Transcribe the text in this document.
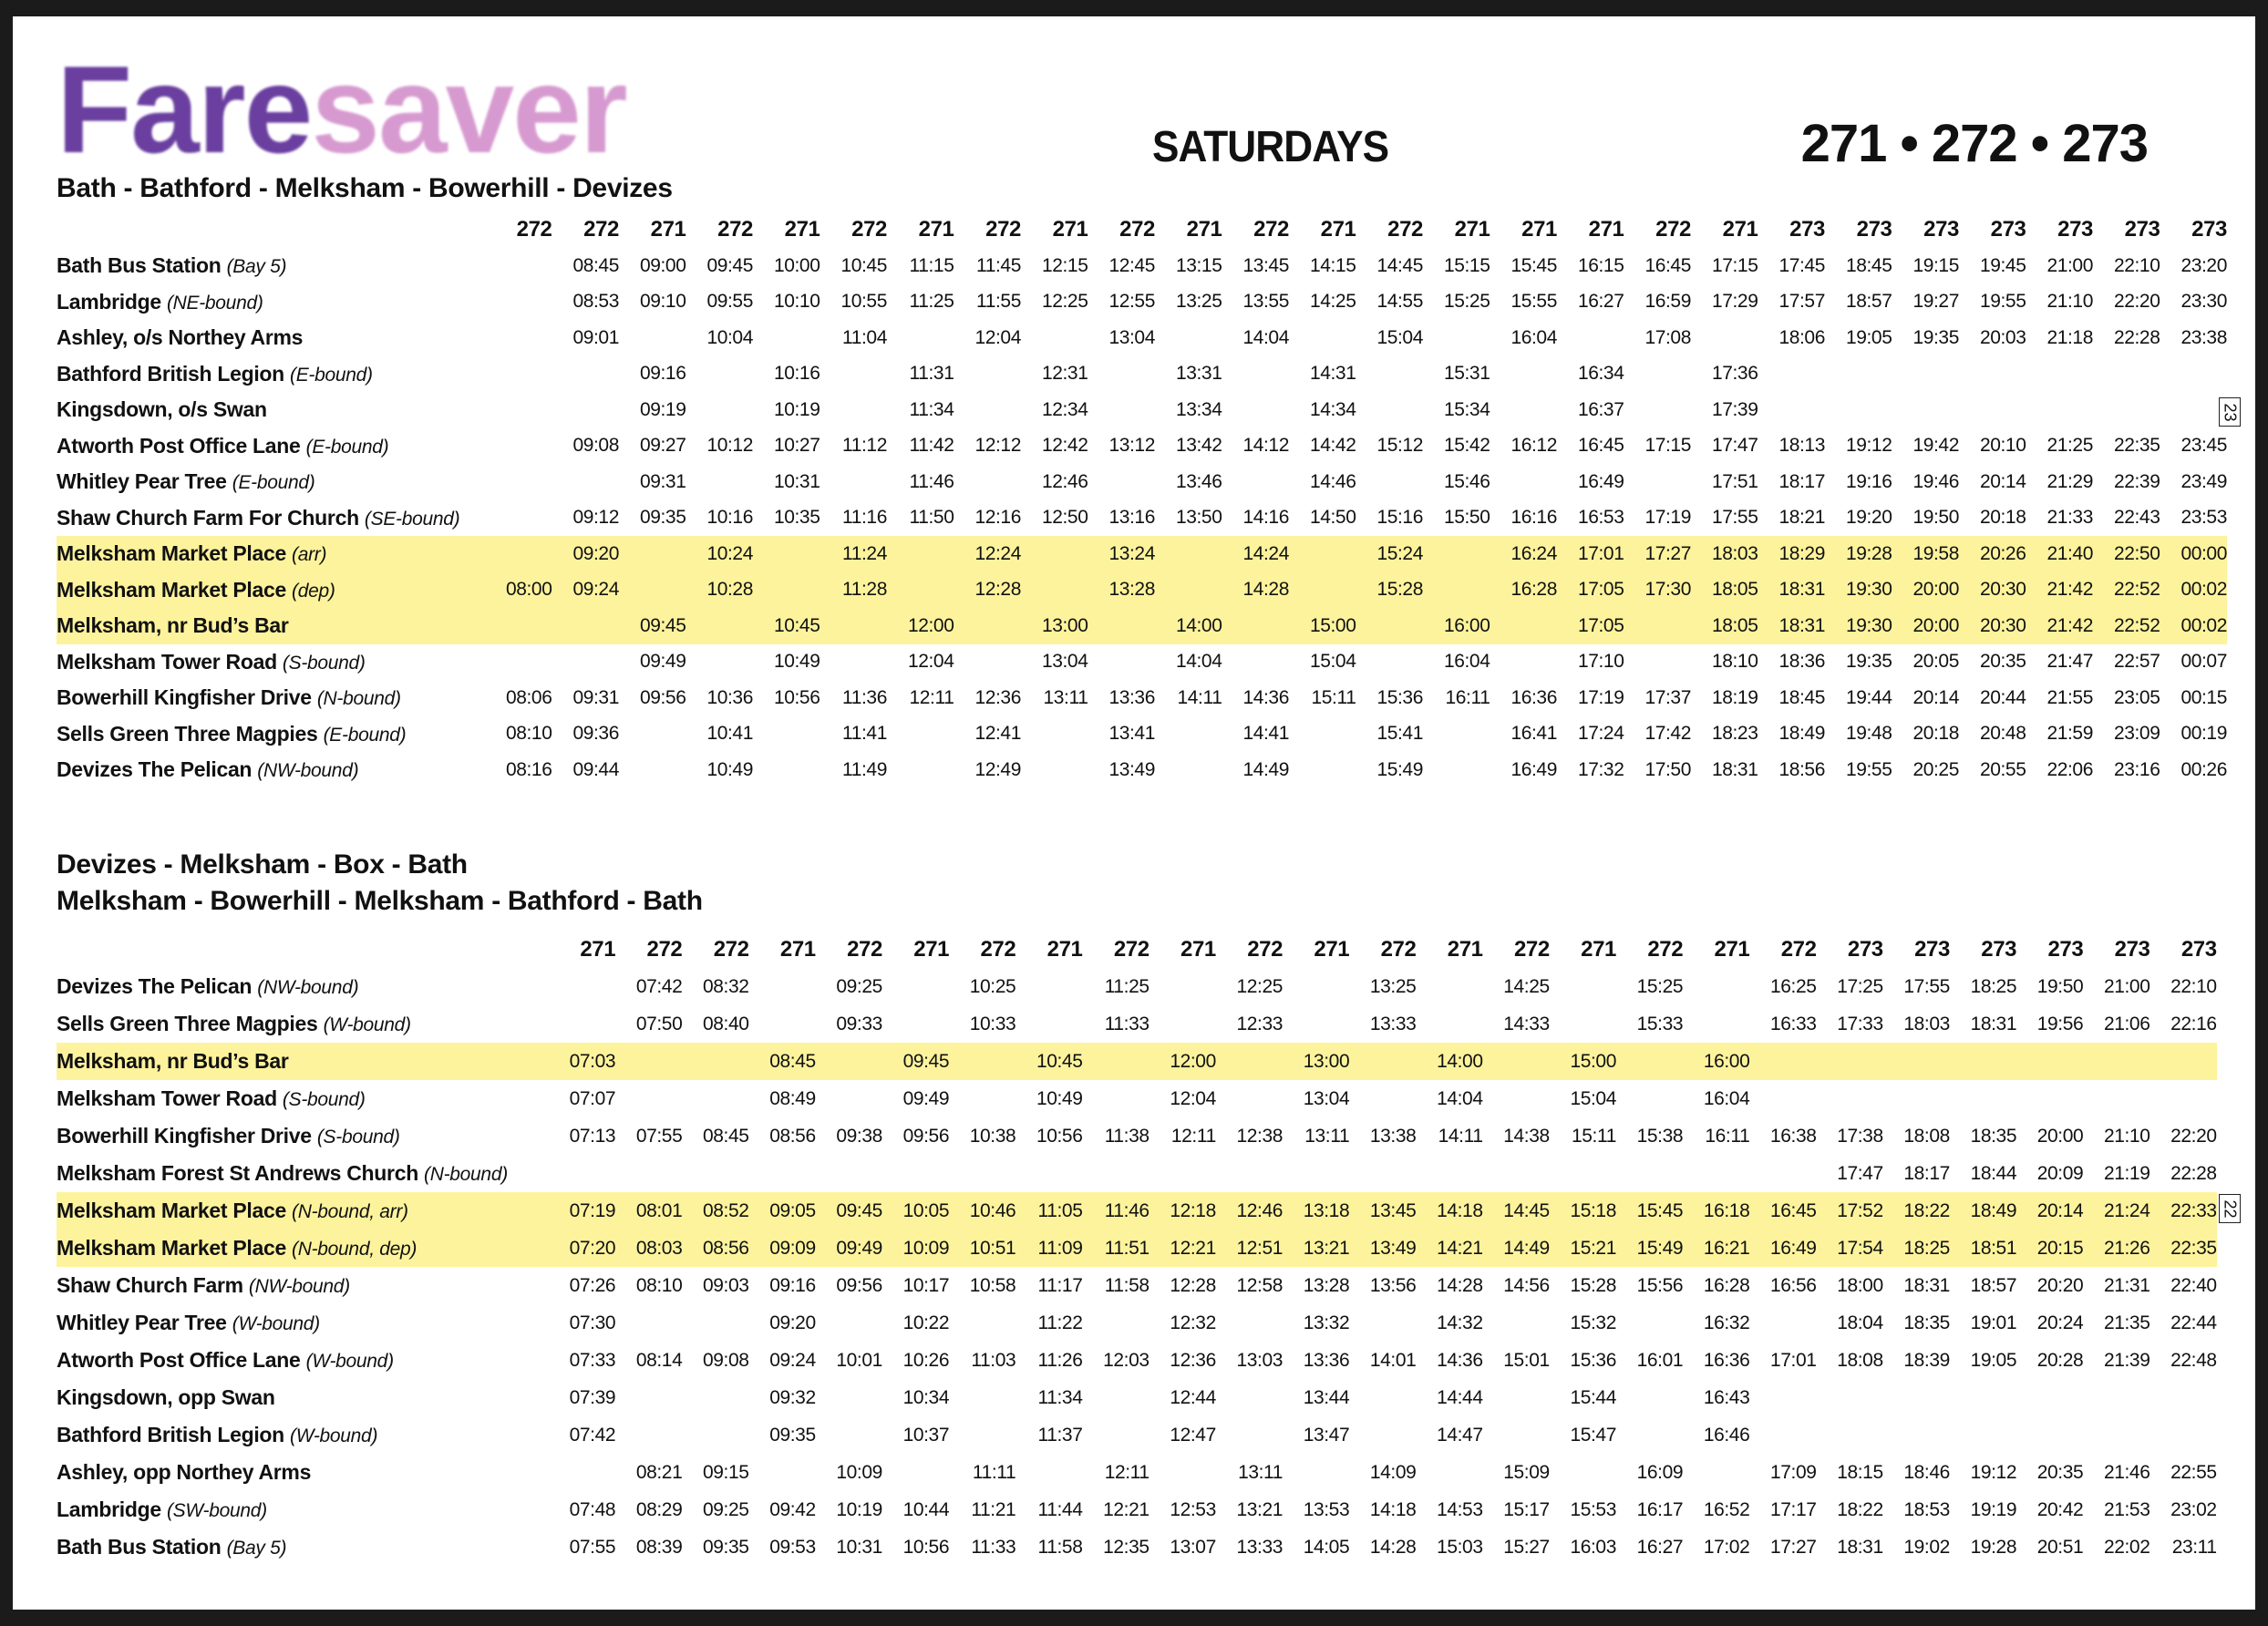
Faresaver	SATURDAYS	271 • 272 • 273
Bath - Bathford - Melksham - Bowerhill - Devizes
	272	272	271	272	271	272	271	272	271	272	271	272	271	272	271	271	271	272	271	273	273	273	273	273	273	273
Bath Bus Station (Bay 5)		08:45	09:00	09:45	10:00	10:45	11:15	11:45	12:15	12:45	13:15	13:45	14:15	14:45	15:15	15:45	16:15	16:45	17:15	17:45	18:45	19:15	19:45	21:00	22:10	23:20
Lambridge (NE-bound)		08:53	09:10	09:55	10:10	10:55	11:25	11:55	12:25	12:55	13:25	13:55	14:25	14:55	15:25	15:55	16:27	16:59	17:29	17:57	18:57	19:27	19:55	21:10	22:20	23:30
Ashley, o/s Northey Arms		09:01		10:04		11:04		12:04		13:04		14:04		15:04		16:04		17:08		18:06	19:05	19:35	20:03	21:18	22:28	23:38
Bathford British Legion (E-bound)			09:16		10:16		11:31		12:31		13:31		14:31		15:31		16:34		17:36							
Kingsdown, o/s Swan			09:19		10:19		11:34		12:34		13:34		14:34		15:34		16:37		17:39							
Atworth Post Office Lane (E-bound)		09:08	09:27	10:12	10:27	11:12	11:42	12:12	12:42	13:12	13:42	14:12	14:42	15:12	15:42	16:12	16:45	17:15	17:47	18:13	19:12	19:42	20:10	21:25	22:35	23:45
Whitley Pear Tree (E-bound)			09:31		10:31		11:46		12:46		13:46		14:46		15:46		16:49		17:51	18:17	19:16	19:46	20:14	21:29	22:39	23:49
Shaw Church Farm For Church (SE-bound)		09:12	09:35	10:16	10:35	11:16	11:50	12:16	12:50	13:16	13:50	14:16	14:50	15:16	15:50	16:16	16:53	17:19	17:55	18:21	19:20	19:50	20:18	21:33	22:43	23:53
Melksham Market Place (arr)		09:20		10:24		11:24		12:24		13:24		14:24		15:24		16:24	17:01	17:27	18:03	18:29	19:28	19:58	20:26	21:40	22:50	00:00
Melksham Market Place (dep)	08:00	09:24		10:28		11:28		12:28		13:28		14:28		15:28		16:28	17:05	17:30	18:05	18:31	19:30	20:00	20:30	21:42	22:52	00:02
Melksham, nr Bud’s Bar			09:45		10:45		12:00		13:00		14:00		15:00		16:00		17:05		18:05	18:31	19:30	20:00	20:30	21:42	22:52	00:02
Melksham Tower Road (S-bound)			09:49		10:49		12:04		13:04		14:04		15:04		16:04		17:10		18:10	18:36	19:35	20:05	20:35	21:47	22:57	00:07
Bowerhill Kingfisher Drive (N-bound)	08:06	09:31	09:56	10:36	10:56	11:36	12:11	12:36	13:11	13:36	14:11	14:36	15:11	15:36	16:11	16:36	17:19	17:37	18:19	18:45	19:44	20:14	20:44	21:55	23:05	00:15
Sells Green Three Magpies (E-bound)	08:10	09:36		10:41		11:41		12:41		13:41		14:41		15:41		16:41	17:24	17:42	18:23	18:49	19:48	20:18	20:48	21:59	23:09	00:19
Devizes The Pelican (NW-bound)	08:16	09:44		10:49		11:49		12:49		13:49		14:49		15:49		16:49	17:32	17:50	18:31	18:56	19:55	20:25	20:55	22:06	23:16	00:26
Devizes - Melksham - Box - Bath
Melksham - Bowerhill - Melksham - Bathford - Bath
	271	272	272	271	272	271	272	271	272	271	272	271	272	271	272	271	272	271	272	273	273	273	273	273	273
Devizes The Pelican (NW-bound)		07:42	08:32		09:25		10:25		11:25		12:25		13:25		14:25		15:25		16:25	17:25	17:55	18:25	19:50	21:00	22:10
Sells Green Three Magpies (W-bound)		07:50	08:40		09:33		10:33		11:33		12:33		13:33		14:33		15:33		16:33	17:33	18:03	18:31	19:56	21:06	22:16
Melksham, nr Bud’s Bar	07:03			08:45		09:45		10:45		12:00		13:00		14:00		15:00		16:00							
Melksham Tower Road (S-bound)	07:07			08:49		09:49		10:49		12:04		13:04		14:04		15:04		16:04							
Bowerhill Kingfisher Drive (S-bound)	07:13	07:55	08:45	08:56	09:38	09:56	10:38	10:56	11:38	12:11	12:38	13:11	13:38	14:11	14:38	15:11	15:38	16:11	16:38	17:38	18:08	18:35	20:00	21:10	22:20
Melksham Forest St Andrews Church (N-bound)																				17:47	18:17	18:44	20:09	21:19	22:28
Melksham Market Place (N-bound, arr)	07:19	08:01	08:52	09:05	09:45	10:05	10:46	11:05	11:46	12:18	12:46	13:18	13:45	14:18	14:45	15:18	15:45	16:18	16:45	17:52	18:22	18:49	20:14	21:24	22:33
Melksham Market Place (N-bound, dep)	07:20	08:03	08:56	09:09	09:49	10:09	10:51	11:09	11:51	12:21	12:51	13:21	13:49	14:21	14:49	15:21	15:49	16:21	16:49	17:54	18:25	18:51	20:15	21:26	22:35
Shaw Church Farm (NW-bound)	07:26	08:10	09:03	09:16	09:56	10:17	10:58	11:17	11:58	12:28	12:58	13:28	13:56	14:28	14:56	15:28	15:56	16:28	16:56	18:00	18:31	18:57	20:20	21:31	22:40
Whitley Pear Tree (W-bound)	07:30			09:20		10:22		11:22		12:32		13:32		14:32		15:32		16:32		18:04	18:35	19:01	20:24	21:35	22:44
Atworth Post Office Lane (W-bound)	07:33	08:14	09:08	09:24	10:01	10:26	11:03	11:26	12:03	12:36	13:03	13:36	14:01	14:36	15:01	15:36	16:01	16:36	17:01	18:08	18:39	19:05	20:28	21:39	22:48
Kingsdown, opp Swan	07:39			09:32		10:34		11:34		12:44		13:44		14:44		15:44		16:43							
Bathford British Legion (W-bound)	07:42			09:35		10:37		11:37		12:47		13:47		14:47		15:47		16:46							
Ashley, opp Northey Arms		08:21	09:15		10:09		11:11		12:11		13:11		14:09		15:09		16:09		17:09	18:15	18:46	19:12	20:35	21:46	22:55
Lambridge (SW-bound)	07:48	08:29	09:25	09:42	10:19	10:44	11:21	11:44	12:21	12:53	13:21	13:53	14:18	14:53	15:17	15:53	16:17	16:52	17:17	18:22	18:53	19:19	20:42	21:53	23:02
Bath Bus Station (Bay 5)	07:55	08:39	09:35	09:53	10:31	10:56	11:33	11:58	12:35	13:07	13:33	14:05	14:28	15:03	15:27	16:03	16:27	17:02	17:27	18:31	19:02	19:28	20:51	22:02	23:11
23
22
